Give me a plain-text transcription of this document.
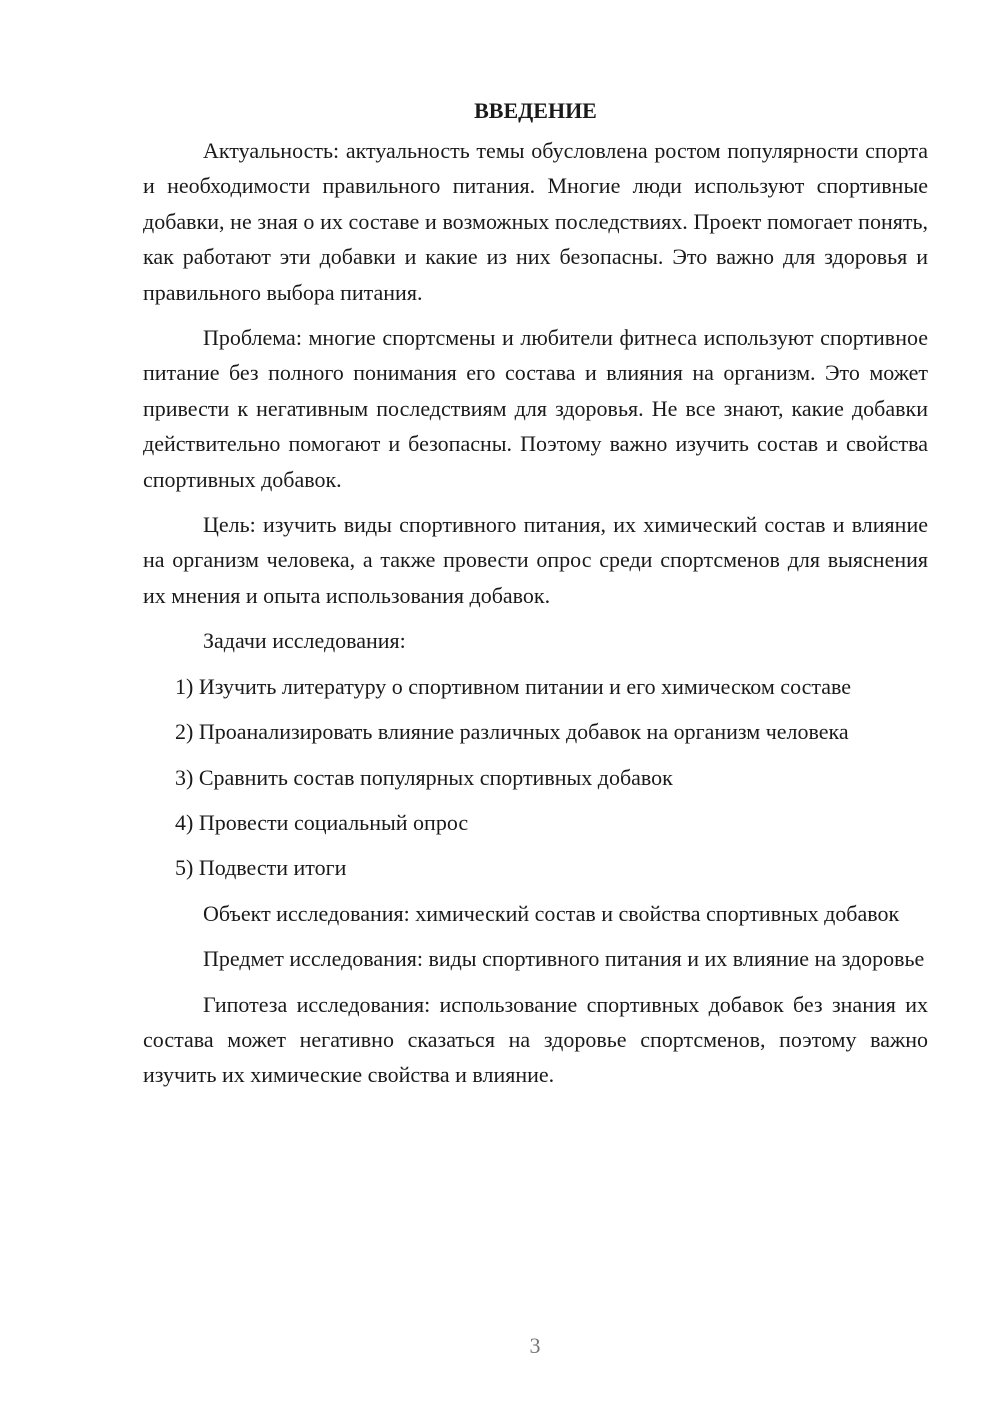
ВВЕДЕНИЕ

Актуальность: актуальность темы обусловлена ростом популярности спорта и необходимости правильного питания. Многие люди используют спортивные добавки, не зная о их составе и возможных последствиях. Проект помогает понять, как работают эти добавки и какие из них безопасны. Это важно для здоровья и правильного выбора питания.

Проблема: многие спортсмены и любители фитнеса используют спортивное питание без полного понимания его состава и влияния на организм. Это может привести к негативным последствиям для здоровья. Не все знают, какие добавки действительно помогают и безопасны. Поэтому важно изучить состав и свойства спортивных добавок.

Цель: изучить виды спортивного питания, их химический состав и влияние на организм человека, а также провести опрос среди спортсменов для выяснения их мнения и опыта использования добавок.

Задачи исследования:

1) Изучить литературу о спортивном питании и его химическом составе

2) Проанализировать влияние различных добавок на организм человека

3) Сравнить состав популярных спортивных добавок

4) Провести социальный опрос

5) Подвести итоги

Объект исследования: химический состав и свойства спортивных добавок

Предмет исследования: виды спортивного питания и их влияние на здоровье

Гипотеза исследования: использование спортивных добавок без знания их состава может негативно сказаться на здоровье спортсменов, поэтому важно изучить их химические свойства и влияние.

3
